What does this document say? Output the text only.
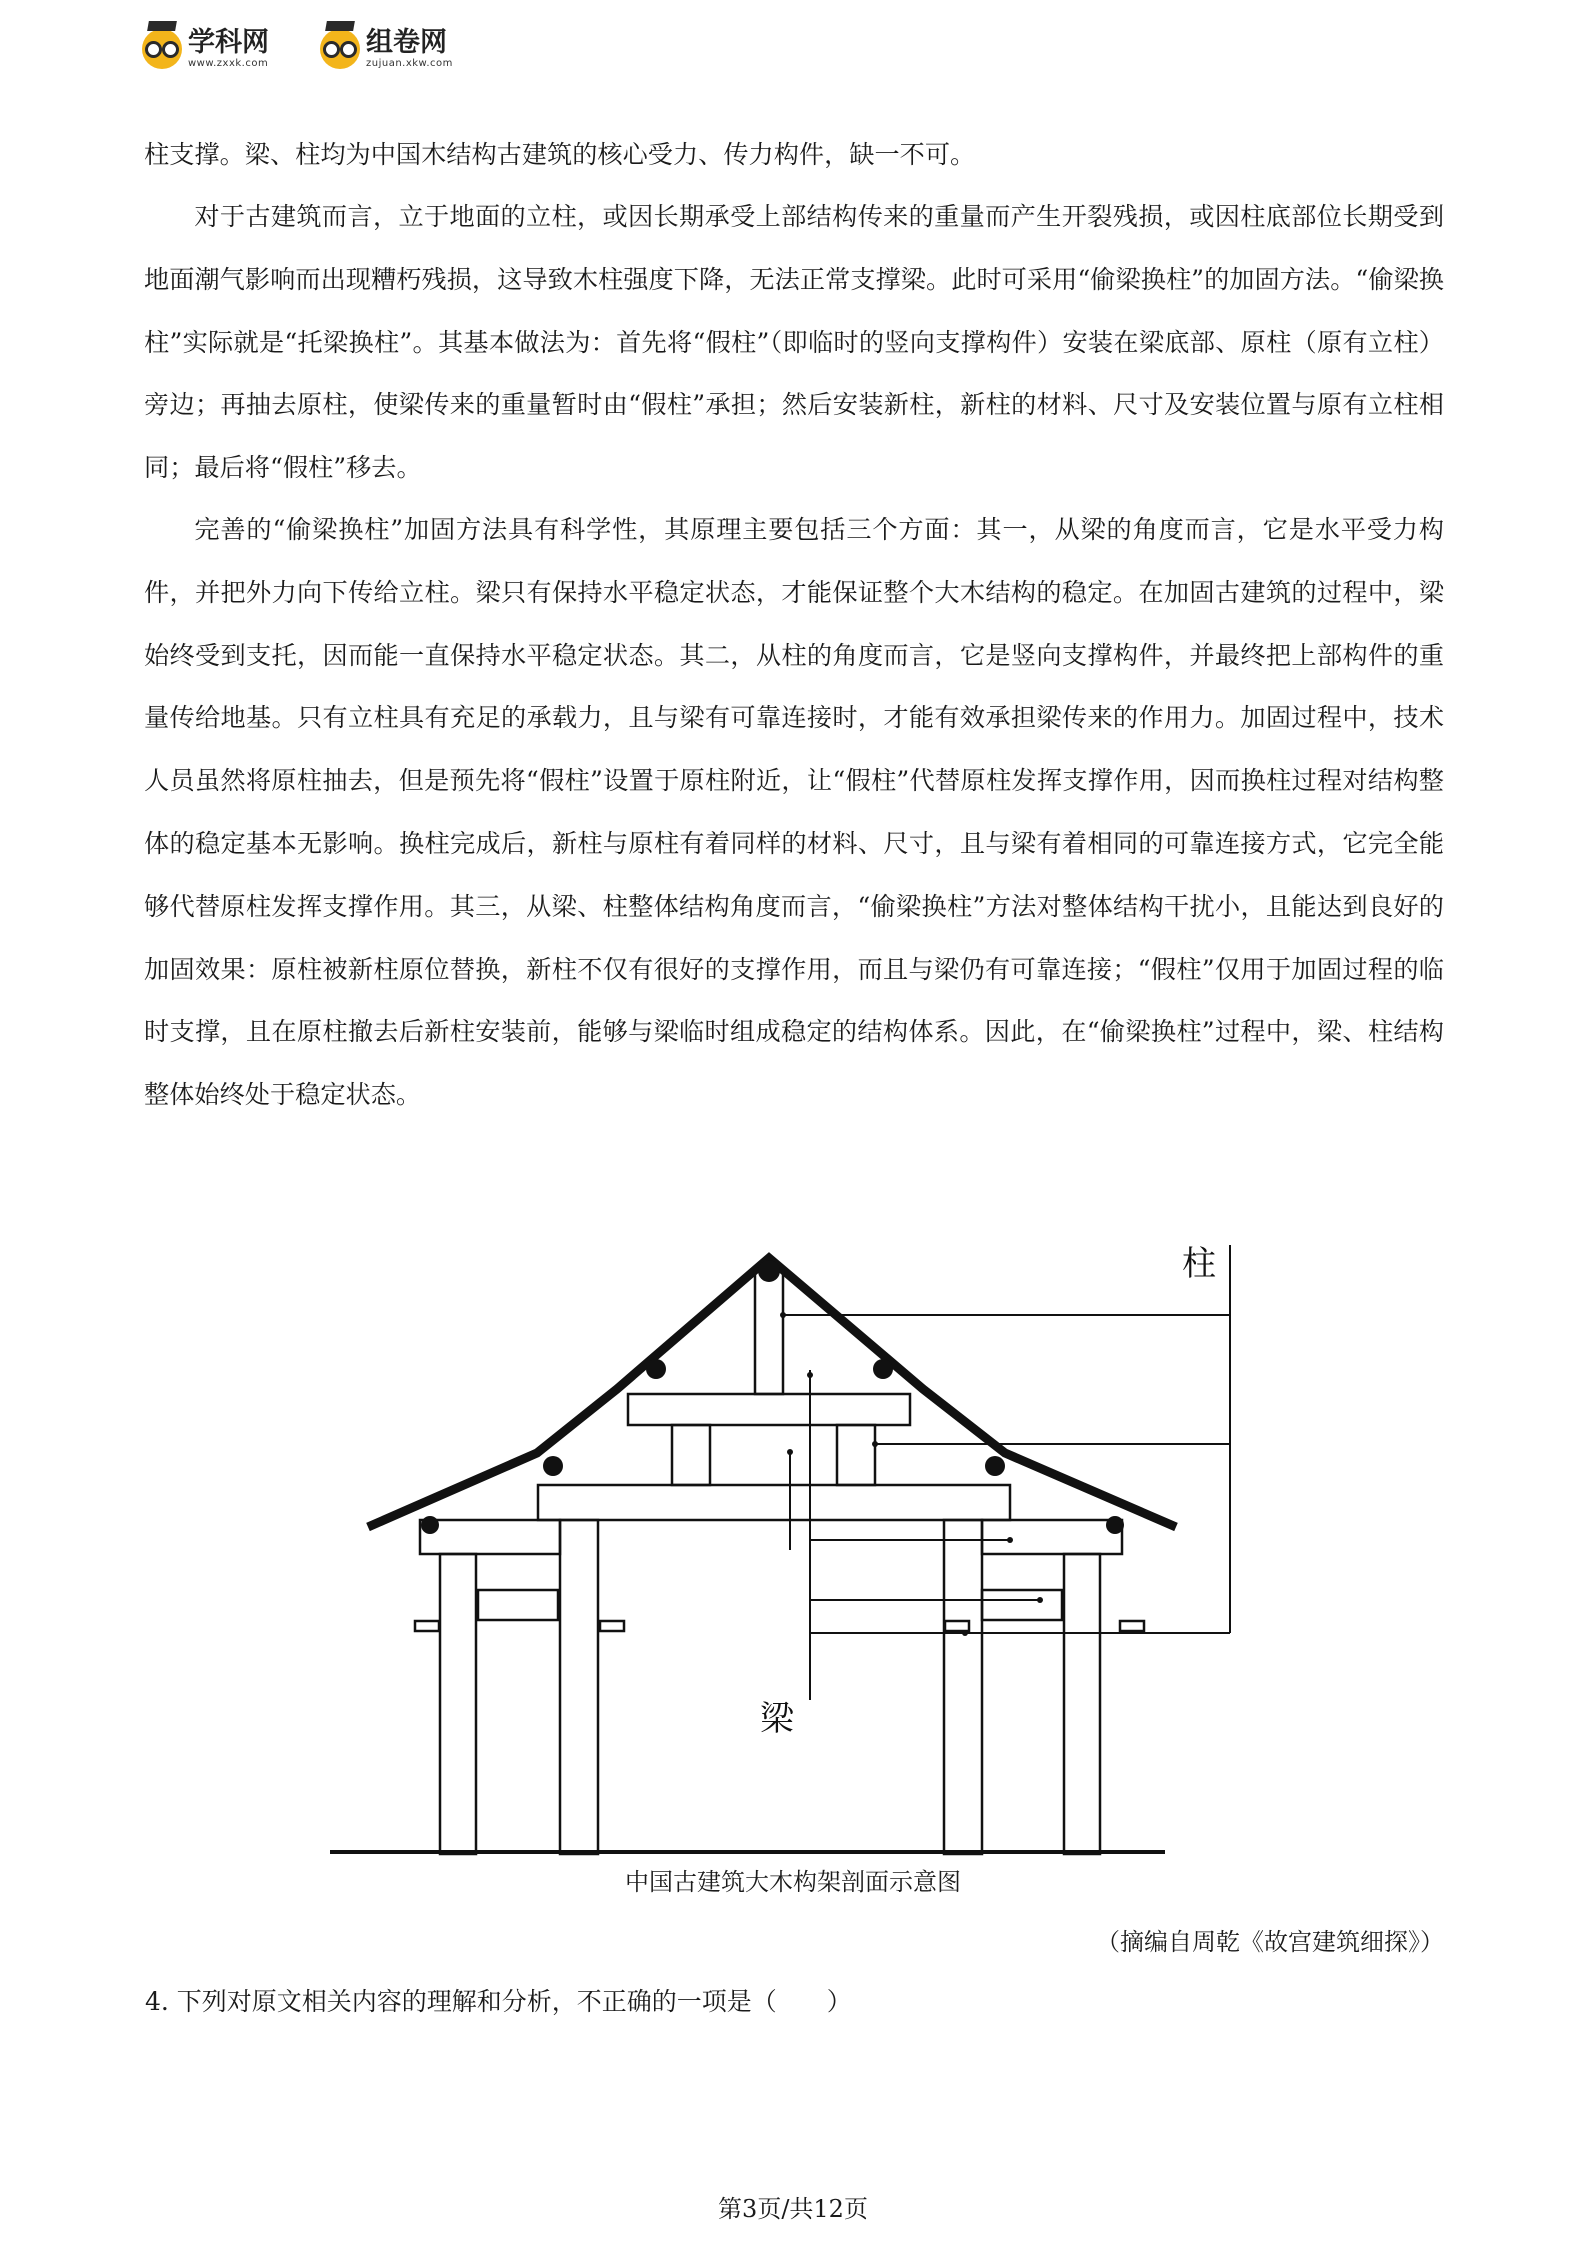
学科网
www.zxxk.com
组卷网
zujuan.xkw.com
柱支撑。梁、柱均为中国木结构古建筑的核心受力、传力构件，缺一不可。
对于古建筑而言，立于地面的立柱，或因长期承受上部结构传来的重量而产生开裂残损，或因柱底部位长期受到地面潮气影响而出现糟朽残损，这导致木柱强度下降，无法正常支撑梁。此时可采用“偷梁换柱”的加固方法。“偷梁换柱”实际就是“托梁换柱”。其基本做法为：首先将“假柱”（即临时的竖向支撑构件）安装在梁底部、原柱（原有立柱）旁边；再抽去原柱，使梁传来的重量暂时由“假柱”承担；然后安装新柱，新柱的材料、尺寸及安装位置与原有立柱相同；最后将“假柱”移去。
完善的“偷梁换柱”加固方法具有科学性，其原理主要包括三个方面：其一，从梁的角度而言，它是水平受力构件，并把外力向下传给立柱。梁只有保持水平稳定状态，才能保证整个大木结构的稳定。在加固古建筑的过程中，梁始终受到支托，因而能一直保持水平稳定状态。其二，从柱的角度而言，它是竖向支撑构件，并最终把上部构件的重量传给地基。只有立柱具有充足的承载力，且与梁有可靠连接时，才能有效承担梁传来的作用力。加固过程中，技术人员虽然将原柱抽去，但是预先将“假柱”设置于原柱附近，让“假柱”代替原柱发挥支撑作用，因而换柱过程对结构整体的稳定基本无影响。换柱完成后，新柱与原柱有着同样的材料、尺寸，且与梁有着相同的可靠连接方式，它完全能够代替原柱发挥支撑作用。其三，从梁、柱整体结构角度而言，“偷梁换柱”方法对整体结构干扰小，且能达到良好的加固效果：原柱被新柱原位替换，新柱不仅有很好的支撑作用，而且与梁仍有可靠连接；“假柱”仅用于加固过程的临时支撑，且在原柱撤去后新柱安装前，能够与梁临时组成稳定的结构体系。因此，在“偷梁换柱”过程中，梁、柱结构整体始终处于稳定状态。
柱
梁
中国古建筑大木构架剖面示意图
（摘编自周乾《故宫建筑细探》）
4. 下列对原文相关内容的理解和分析，不正确的一项是（　　）
第3页/共12页
